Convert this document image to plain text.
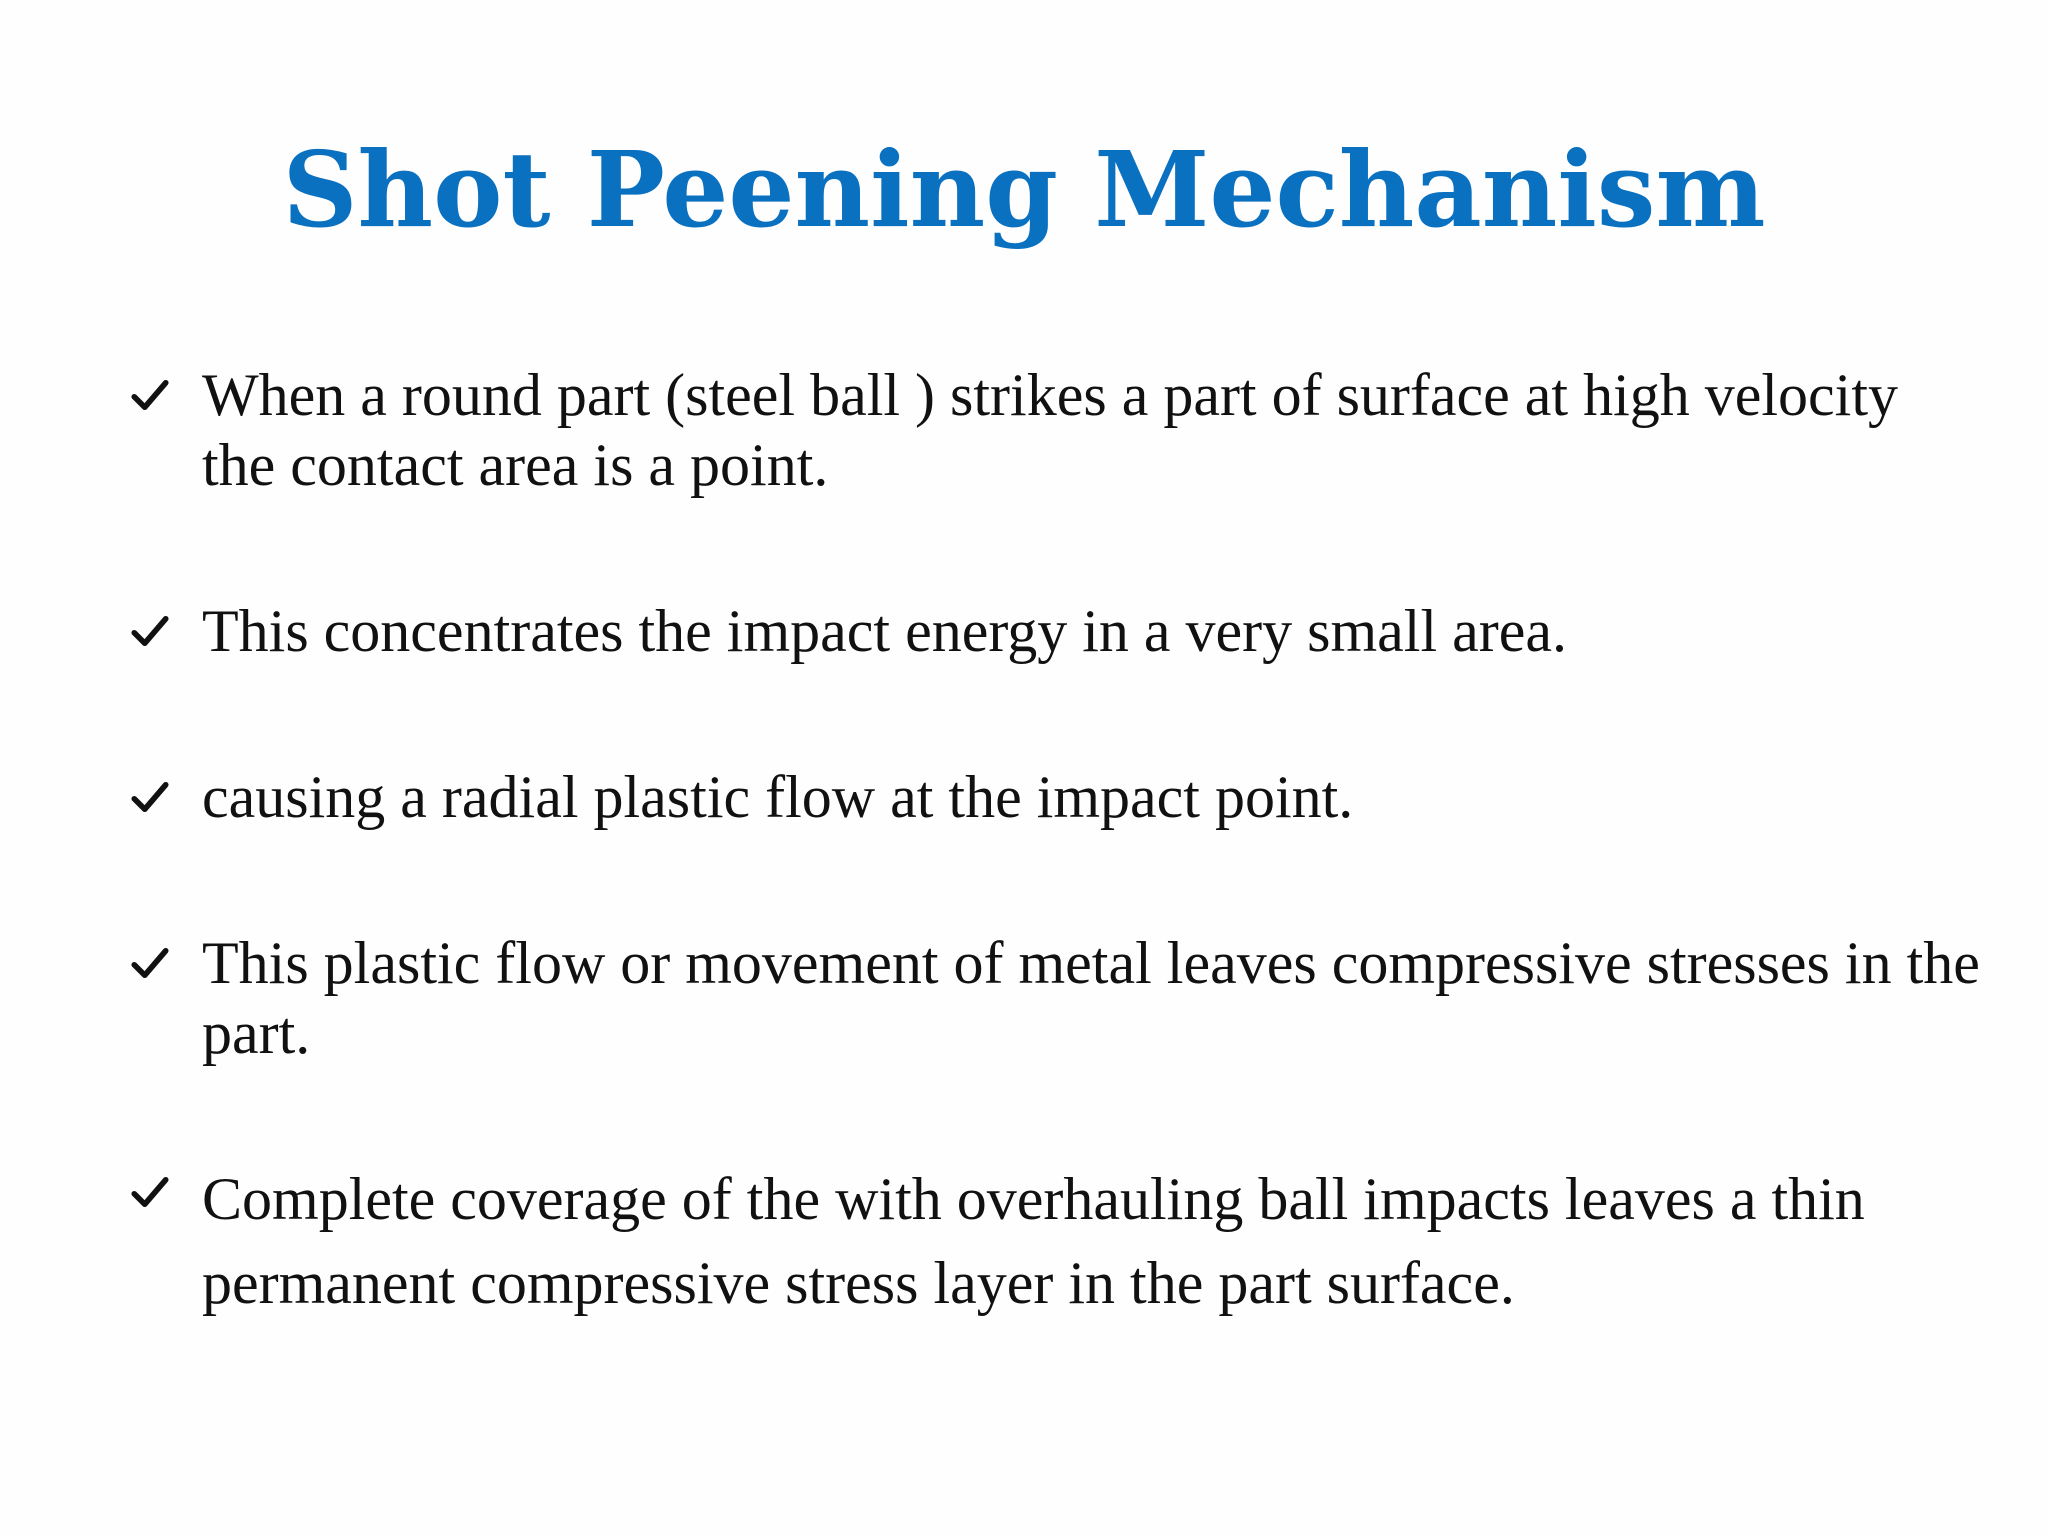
Shot Peening Mechanism
When a round part (steel ball ) strikes a part of surface at high velocity the contact area is a point.
This concentrates the impact energy in a very small area.
causing a radial plastic flow at the impact point.
This plastic flow or movement of metal leaves compressive stresses in the part.
Complete coverage of the with overhauling ball impacts leaves a thin permanent compressive stress layer in the part surface.
